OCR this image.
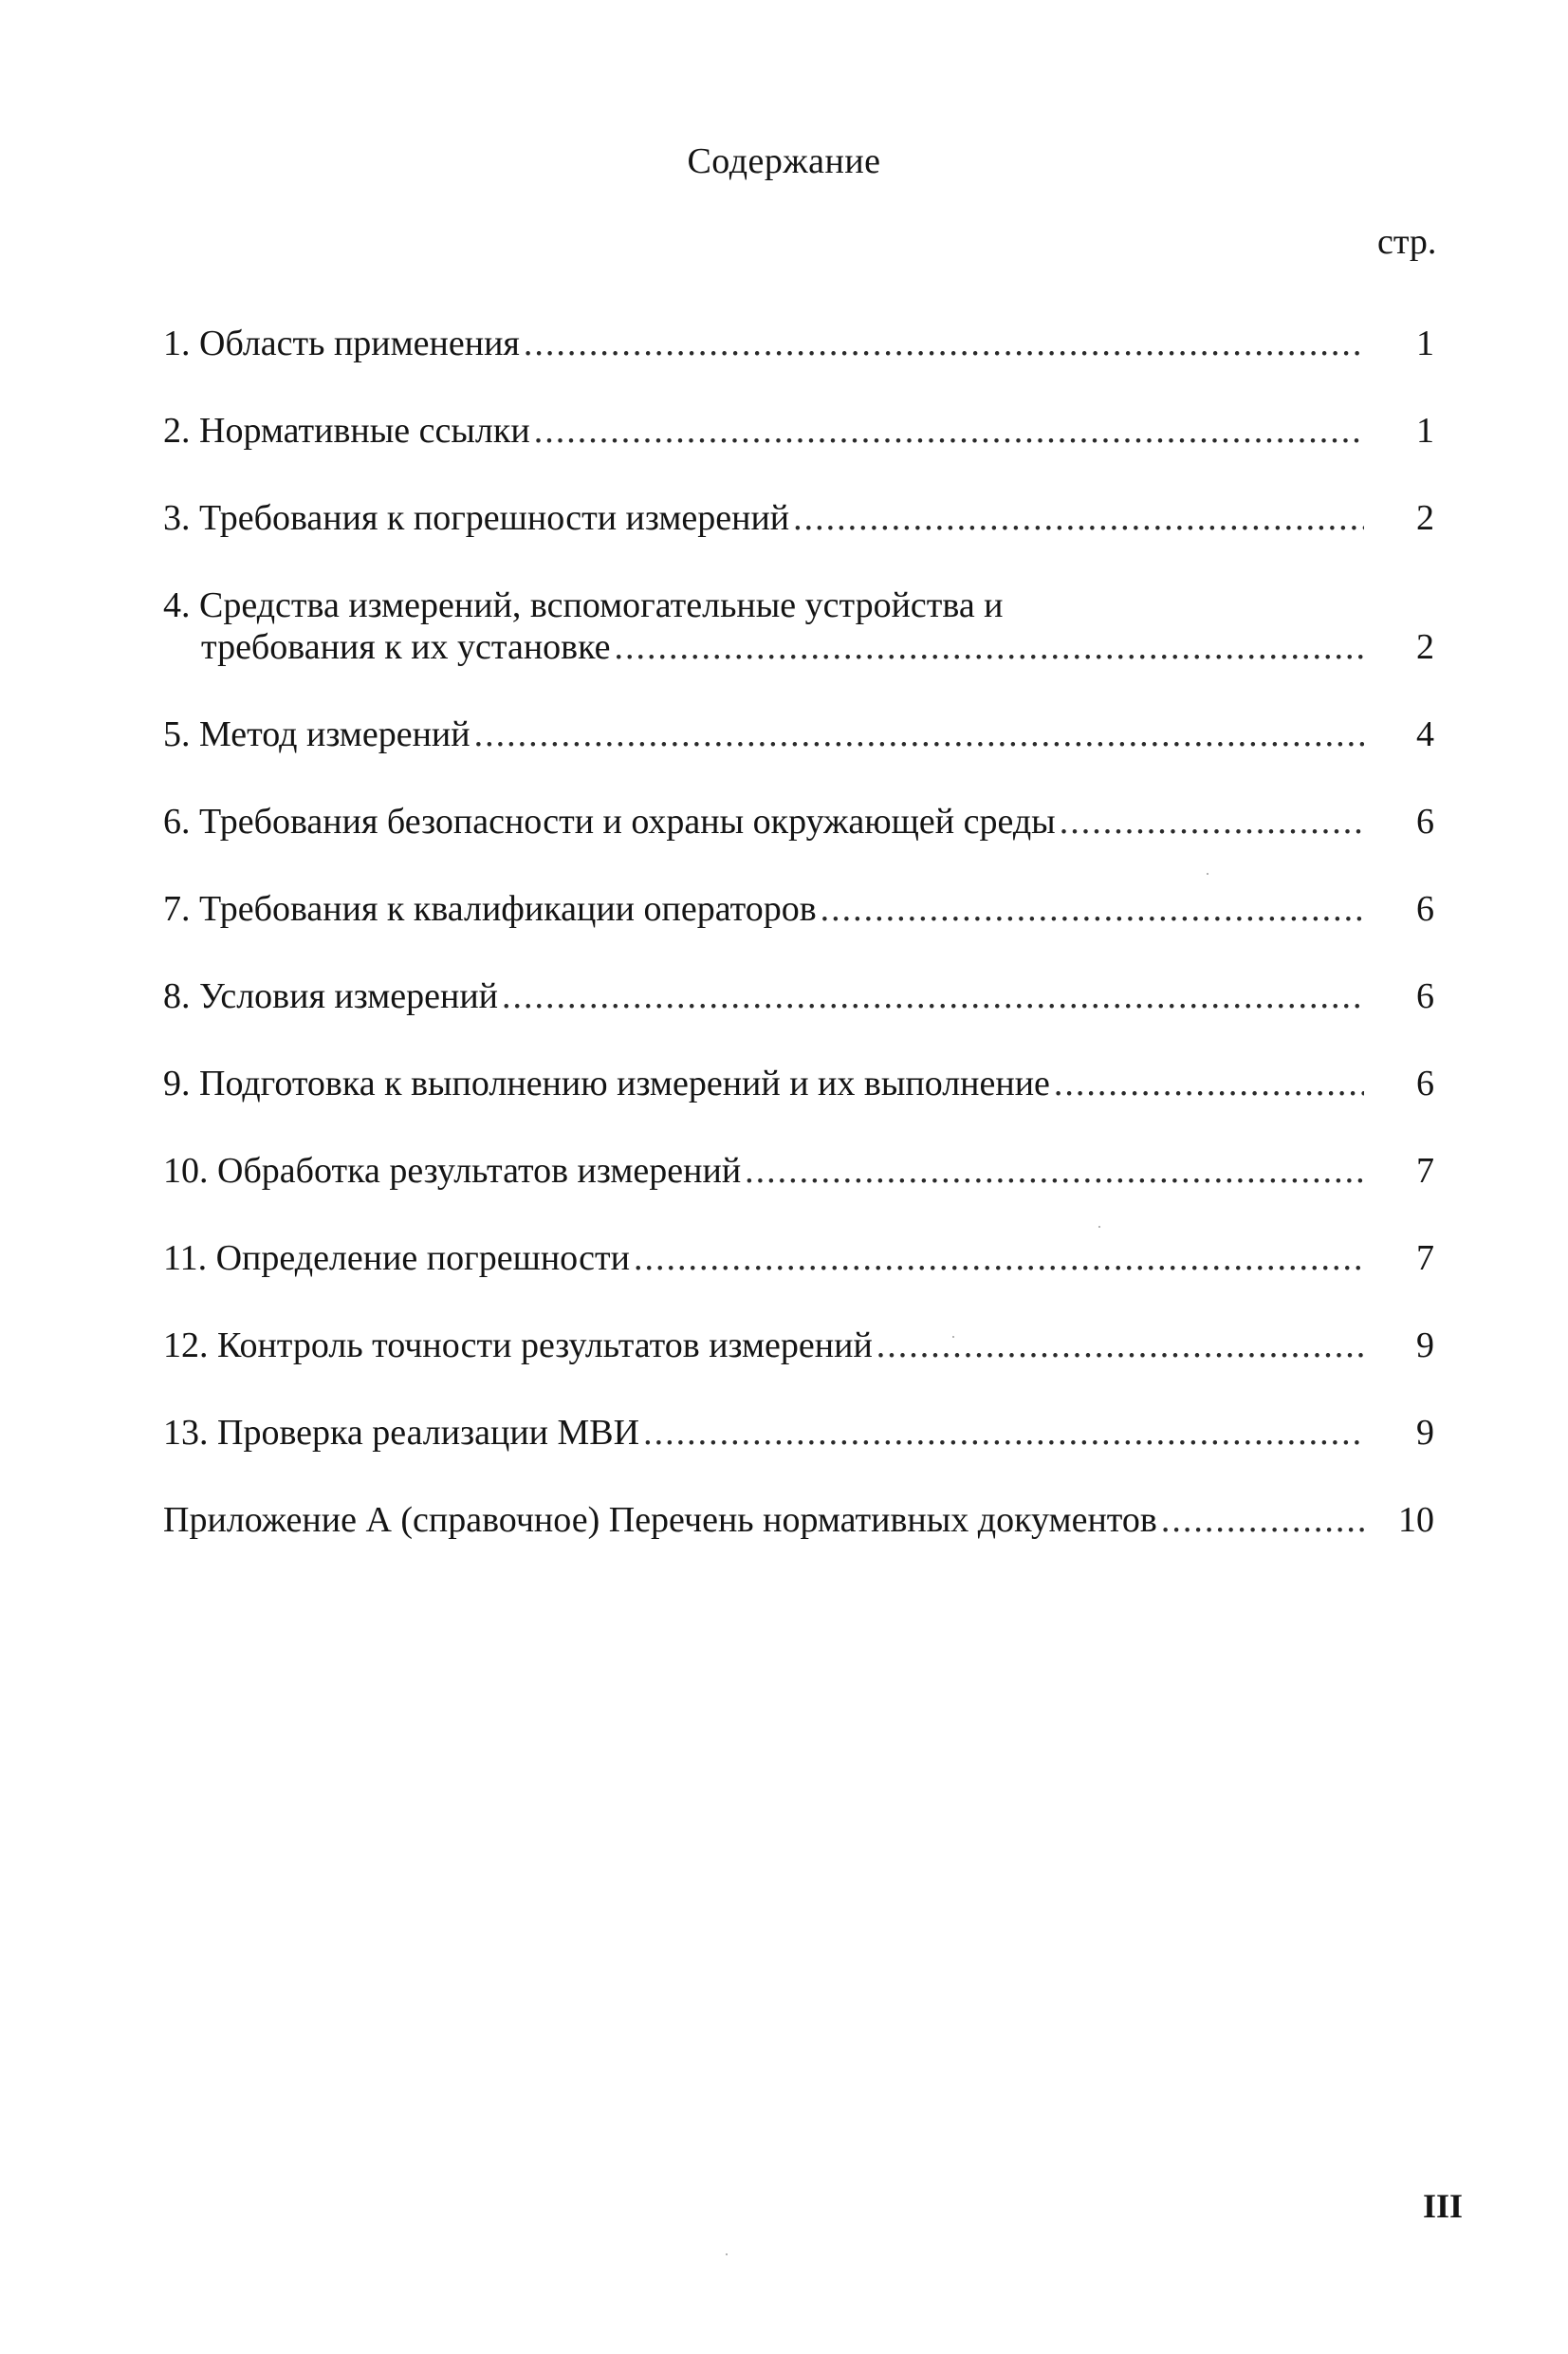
Содержание
стр.
1. Область применения .....	1
2. Нормативные ссылки .....	1
3. Требования к погрешности измерений .....	2
4. Средства измерений, вспомогательные устройства и
требования к их установке .....	2
5. Метод измерений .....	4
6. Требования безопасности и охраны окружающей среды .....	6
7. Требования к квалификации операторов .....	6
8. Условия измерений .....	6
9. Подготовка к выполнению измерений и их выполнение .....	6
10. Обработка результатов измерений .....	7
11. Определение погрешности .....	7
12. Контроль точности результатов измерений .....	9
13. Проверка реализации МВИ .....	9
Приложение А (справочное) Перечень нормативных документов .....	10
III
